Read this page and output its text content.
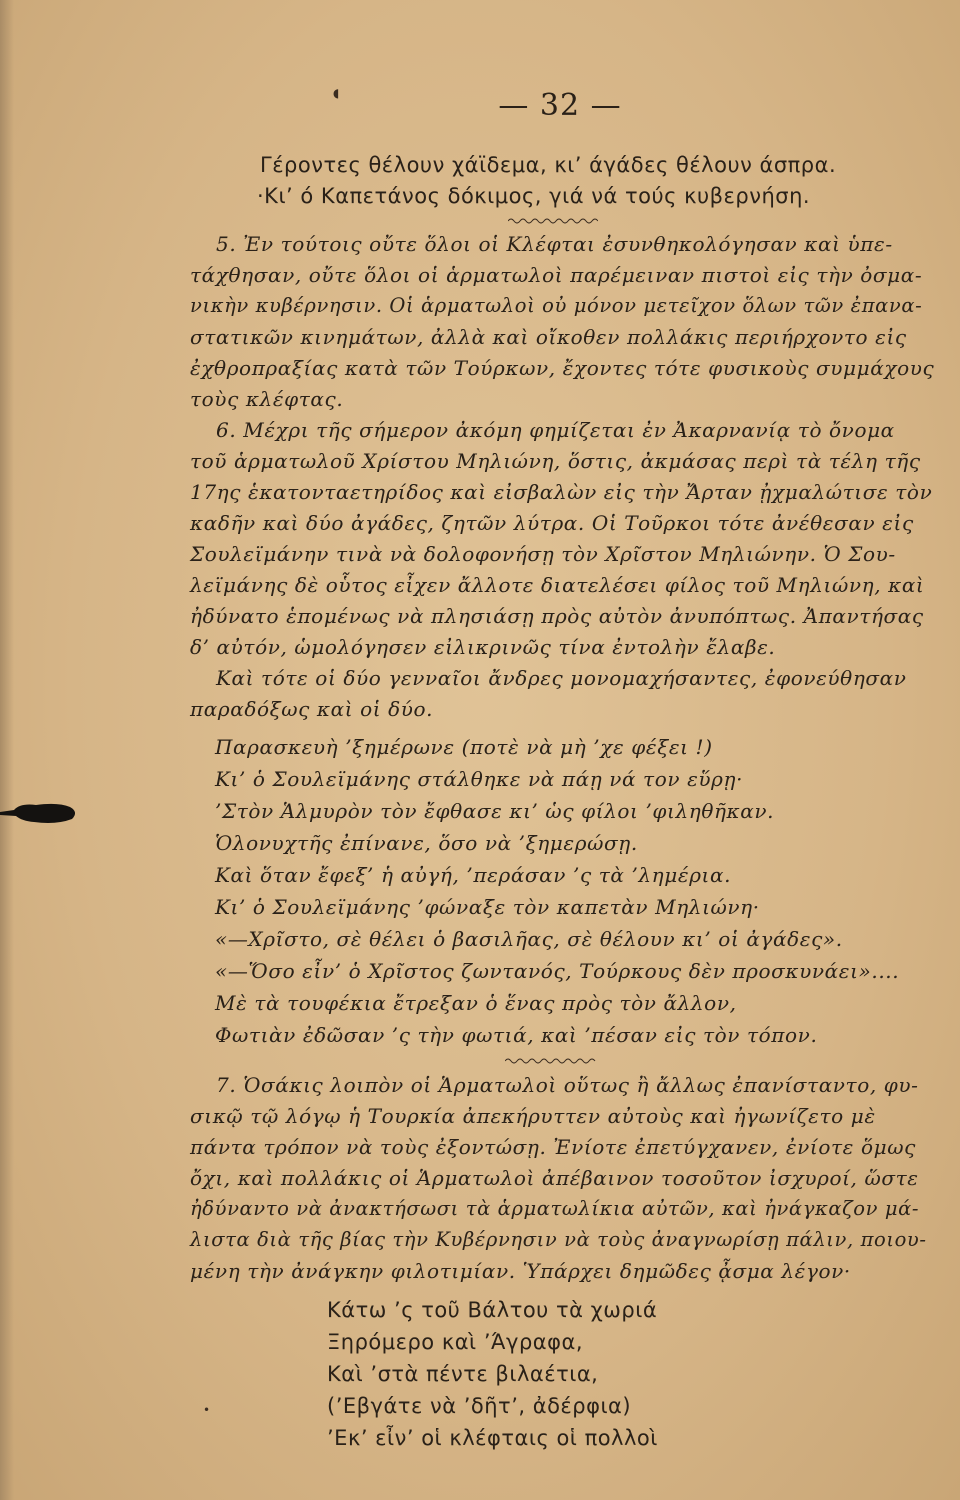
◖	— 32 —
Γέροντες θέλουν χάϊδεμα, κι’ άγάδες θέλουν άσπρα.
·Κι’ ό Καπετάνος δόκιμος, γιά νά τούς κυβερνήση.
5. Ἐν τούτοις οὔτε ὅλοι οἱ Κλέφται ἐσυνθηκολόγησαν καὶ ὑπε-
τάχθησαν, οὔτε ὅλοι οἱ ἁρματωλοὶ παρέμειναν πιστοὶ εἰς τὴν ὀσμα-
νικὴν κυβέρνησιν. Οἱ ἁρματωλοὶ οὐ μόνον μετεῖχον ὅλων τῶν ἐπανα-
στατικῶν κινημάτων, ἀλλὰ καὶ οἴκοθεν πολλάκις περιήρχοντο εἰς
ἐχθροπραξίας κατὰ τῶν Τούρκων, ἔχοντες τότε φυσικοὺς συμμάχους
τοὺς κλέφτας.
6. Μέχρι τῆς σήμερον ἀκόμη φημίζεται ἐν Ἀκαρνανίᾳ τὸ ὄνομα
τοῦ ἁρματωλοῦ Χρίστου Μηλιώνη, ὅστις, ἀκμάσας περὶ τὰ τέλη τῆς
17ης ἑκατονταετηρίδος καὶ εἰσβαλὼν εἰς τὴν Ἄρταν ᾐχμαλώτισε τὸν
καδῆν καὶ δύο ἀγάδες, ζητῶν λύτρα. Οἱ Τοῦρκοι τότε ἀνέθεσαν εἰς
Σουλεϊμάνην τινὰ νὰ δολοφονήσῃ τὸν Χρῖστον Μηλιώνην. Ὁ Σου-
λεϊμάνης δὲ οὗτος εἶχεν ἄλλοτε διατελέσει φίλος τοῦ Μηλιώνη, καὶ
ἠδύνατο ἑπομένως νὰ πλησιάσῃ πρὸς αὐτὸν ἀνυπόπτως. Ἀπαντήσας
δ’ αὐτόν, ὡμολόγησεν εἰλικρινῶς τίνα ἐντολὴν ἔλαβε.
Καὶ τότε οἱ δύο γενναῖοι ἄνδρες μονομαχήσαντες, ἐφονεύθησαν
παραδόξως καὶ οἱ δύο.
Παρασκευὴ ’ξημέρωνε (ποτὲ νὰ μὴ ’χε φέξει !)
Κι’ ὁ Σουλεϊμάνης στάλθηκε νὰ πάῃ νά τον εὕρῃ·
’Στὸν Ἁλμυρὸν τὸν ἔφθασε κι’ ὡς φίλοι ’φιληθῆκαν.
Ὁλονυχτῆς ἐπίνανε, ὅσο νὰ ’ξημερώσῃ.
Καὶ ὅταν ἔφεξ’ ἡ αὐγή, ’περάσαν ’ς τὰ ’λημέρια.
Κι’ ὁ Σουλεϊμάνης ’φώναξε τὸν καπετὰν Μηλιώνη·
«—Χρῖστο, σὲ θέλει ὁ βασιλῆας, σὲ θέλουν κι’ οἱ ἀγάδες».
«—Ὅσο εἶν’ ὁ Χρῖστος ζωντανός, Τούρκους δὲν προσκυνάει»....
Μὲ τὰ τουφέκια ἔτρεξαν ὁ ἕνας πρὸς τὸν ἄλλον,
Φωτιὰν ἐδῶσαν ’ς τὴν φωτιά, καὶ ’πέσαν εἰς τὸν τόπον.
7. Ὁσάκις λοιπὸν οἱ Ἁρματωλοὶ οὕτως ἢ ἄλλως ἐπανίσταντο, φυ-
σικῷ τῷ λόγῳ ἡ Τουρκία ἀπεκήρυττεν αὐτοὺς καὶ ἠγωνίζετο μὲ
πάντα τρόπον νὰ τοὺς ἐξοντώσῃ. Ἐνίοτε ἐπετύγχανεν, ἐνίοτε ὅμως
ὄχι, καὶ πολλάκις οἱ Ἁρματωλοὶ ἀπέβαινον τοσοῦτον ἰσχυροί, ὥστε
ἠδύναντο νὰ ἀνακτήσωσι τὰ ἁρματωλίκια αὐτῶν, καὶ ἠνάγκαζον μά-
λιστα διὰ τῆς βίας τὴν Κυβέρνησιν νὰ τοὺς ἀναγνωρίσῃ πάλιν, ποιου-
μένη τὴν ἀνάγκην φιλοτιμίαν. Ὑπάρχει δημῶδες ᾆσμα λέγον·
Κάτω ’ς τοῦ Βάλτου τὰ χωριά
Ξηρόμερο καὶ ’Άγραφα,
Καὶ ’στὰ πέντε βιλαέτια,
(’Εβγάτε νὰ ’δῆτ’, ἀδέρφια)
’Εκ’ εἶν’ οἱ κλέφταις οἱ πολλοὶ
•
